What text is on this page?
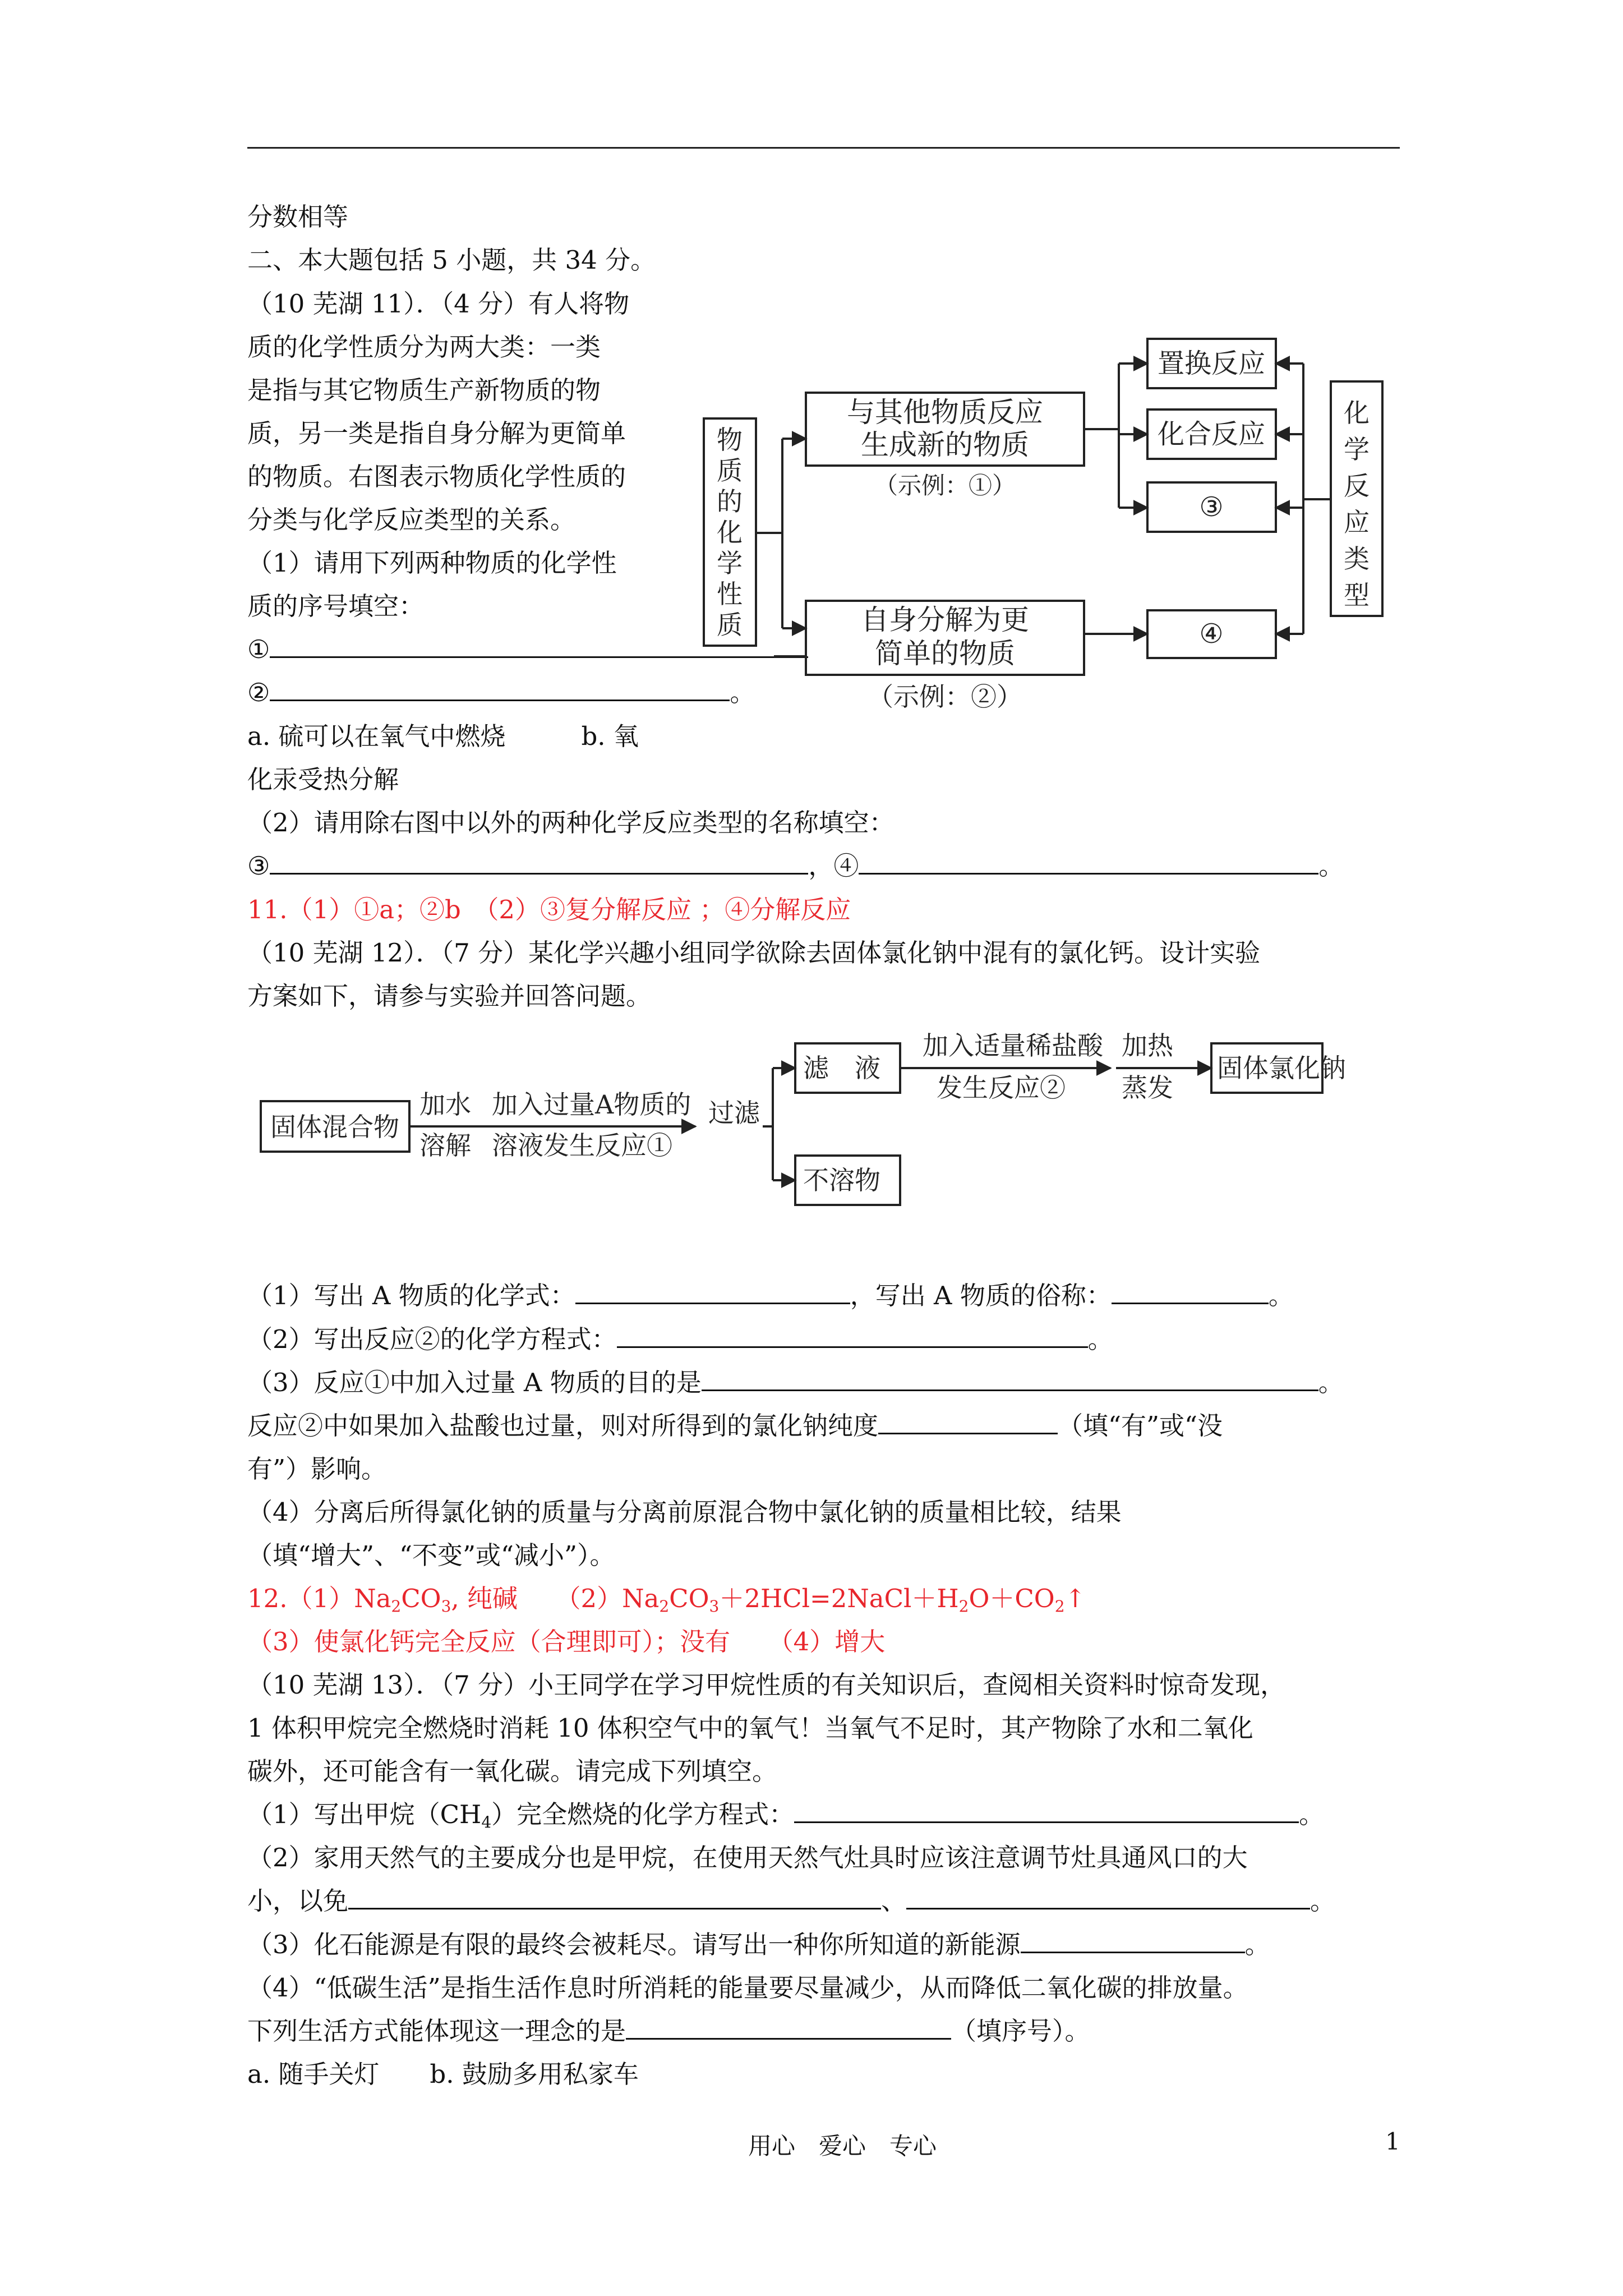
分数相等
二、本大题包括 5 小题，共 34 分。
（10 芜湖 11）．（4 分）有人将物
质的化学性质分为两大类：一类
是指与其它物质生产新物质的物
质，另一类是指自身分解为更简单
的物质。右图表示物质化学性质的
分类与化学反应类型的关系。
（1）请用下列两种物质的化学性
质的序号填空：
①
②	。
a. 硫可以在氧气中燃烧　　　b. 氧
化汞受热分解
（2）请用除右图中以外的两种化学反应类型的名称填空：
③	，④	。
11.（1）①a；②b　（2）③复分解反应 ；④分解反应
物
质
的
化
学
性
质
与其他物质反应
生成新的物质
（示例：①）
自身分解为更
简单的物质
（示例：②）
置换反应
化合反应
③
④
化
学
反
应
类
型
固体混合物
加水
溶解
加入过量A物质的
溶液发生反应①
过滤
滤　液
加入适量稀盐酸
发生反应②
加热
蒸发
固体氯化钠
不溶物
（10 芜湖 12）．（7 分）某化学兴趣小组同学欲除去固体氯化钠中混有的氯化钙。设计实验
方案如下，请参与实验并回答问题。
（1）写出 A 物质的化学式：	，写出 A 物质的俗称：	。
（2）写出反应②的化学方程式：	。
（3）反应①中加入过量 A 物质的目的是	。
反应②中如果加入盐酸也过量，则对所得到的氯化钠纯度	（填“有”或“没
有”）影响。
（4）分离后所得氯化钠的质量与分离前原混合物中氯化钠的质量相比较，结果
（填“增大”、“不变”或“减小”）。
$12.(1)Na_2CO_3$, 纯碱　　$(2)Na_2CO_3+2HCl=2NaCl+H_2O+CO_2↑$
（3）使氯化钙完全反应（合理即可）；没有　　（4）增大
（10 芜湖 13）．（7 分）小王同学在学习甲烷性质的有关知识后，查阅相关资料时惊奇发现，
1 体积甲烷完全燃烧时消耗 10 体积空气中的氧气！当氧气不足时，其产物除了水和二氧化
碳外，还可能含有一氧化碳。请完成下列填空。
（1）写出甲烷$(CH_4)$完全燃烧的化学方程式：	。
（2）家用天然气的主要成分也是甲烷，在使用天然气灶具时应该注意调节灶具通风口的大
小，以免	、	。
（3）化石能源是有限的最终会被耗尽。请写出一种你所知道的新能源	。
（4）“低碳生活”是指生活作息时所消耗的能量要尽量减少，从而降低二氧化碳的排放量。
下列生活方式能体现这一理念的是	（填序号）。
a. 随手关灯　　b. 鼓励多用私家车
用心　爱心　专心	1
